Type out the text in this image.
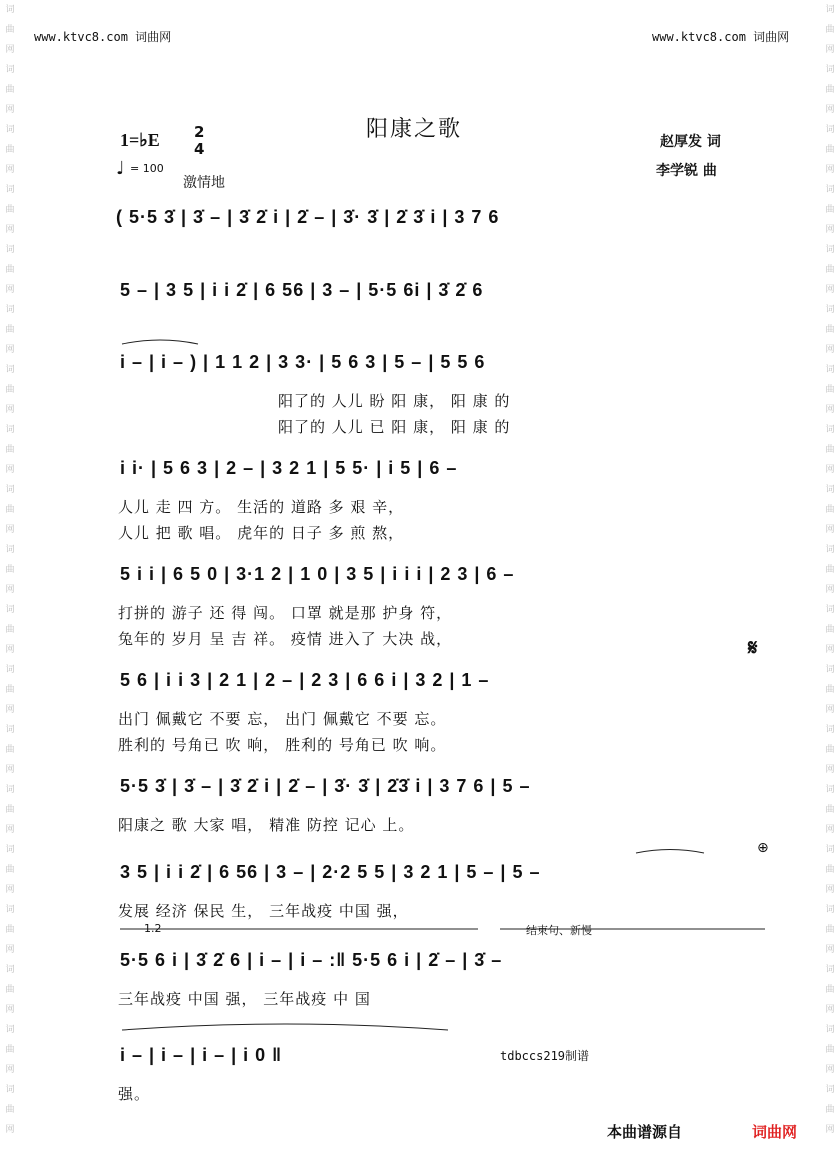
词
曲
网
词
曲
网
词
曲
网
词
曲
网
词
曲
网
词
曲
网
词
曲
网
词
曲
网
词
曲
网
词
曲
网
词
曲
网
词
曲
网
词
曲
网
词
曲
网
词
曲
网
词
曲
网
词
曲
网
词
曲
网
词
曲
网
词
曲
网
词
曲
网
词
曲
网
词
曲
网
词
曲
网
词
曲
网
词
曲
网
词
曲
网
词
曲
网
词
曲
网
词
曲
网
词
曲
网
词
曲
网
词
曲
网
词
曲
网
词
曲
网
词
曲
网
词
曲
网
词
曲
网
www.ktvc8.com 词曲网	www.ktvc8.com 词曲网
阳康之歌	赵厚发 词
李学锐 曲
1=♭E 2
4
♩ = 100
激情地
( 5·5 3̇ | 3̇ – | 3̇ 2̇ i | 2̇ – | 3̇· 3̇ | 2̇ 3̇ i | 3 7 6
5 – | 3 5 | i i 2̇ | 6 56 | 3 – | 5·5 6i | 3̇ 2̇ 6
i – | i – ) | 1 1 2 | 3 3· | 5 6 3 | 5 – | 5 5 6
阳了的 人儿 盼 阳 康， 阳 康 的
阳了的 人儿 已 阳 康， 阳 康 的
i i· | 5 6 3 | 2 – | 3 2 1 | 5 5· | i 5 | 6 –
人儿 走 四 方。 生活的 道路 多 艰 辛，
人儿 把 歌 唱。 虎年的 日子 多 煎 熬，
5 i i | 6 5 0 | 3·1 2 | 1 0 | 3 5 | i i i | 2 3 | 6 –
打拼的 游子 还 得 闯。 口罩 就是那 护身 符，
兔年的 岁月 呈 吉 祥。 疫情 进入了 大决 战，
5 6 | i i 3 | 2 1 | 2 – | 2 3 | 6 6 i | 3 2 | 1 –
𝄋
出门 佩戴它 不要 忘， 出门 佩戴它 不要 忘。
胜利的 号角已 吹 响， 胜利的 号角已 吹 响。
5·5 3̇ | 3̇ – | 3̇ 2̇ i | 2̇ – | 3̇· 3̇ | 2̇3̇ i | 3 7 6 | 5 –
阳康之 歌 大家 唱， 精准 防控 记心 上。
3 5 | i i 2̇ | 6 56 | 3 – | 2·2 5 5 | 3 2 1 | 5 – | 5 –
⊕
发展 经济 保民 生， 三年战疫 中国 强，
1.2	结束句、新慢
5·5 6 i | 3̇ 2̇ 6 | i – | i – :‖ 5·5 6 i | 2̇ – | 3̇ –
三年战疫 中国 强， 三年战疫 中 国
i – | i – | i – | i 0 ‖	tdbccs219制谱
强。
本曲谱源自	词曲网
